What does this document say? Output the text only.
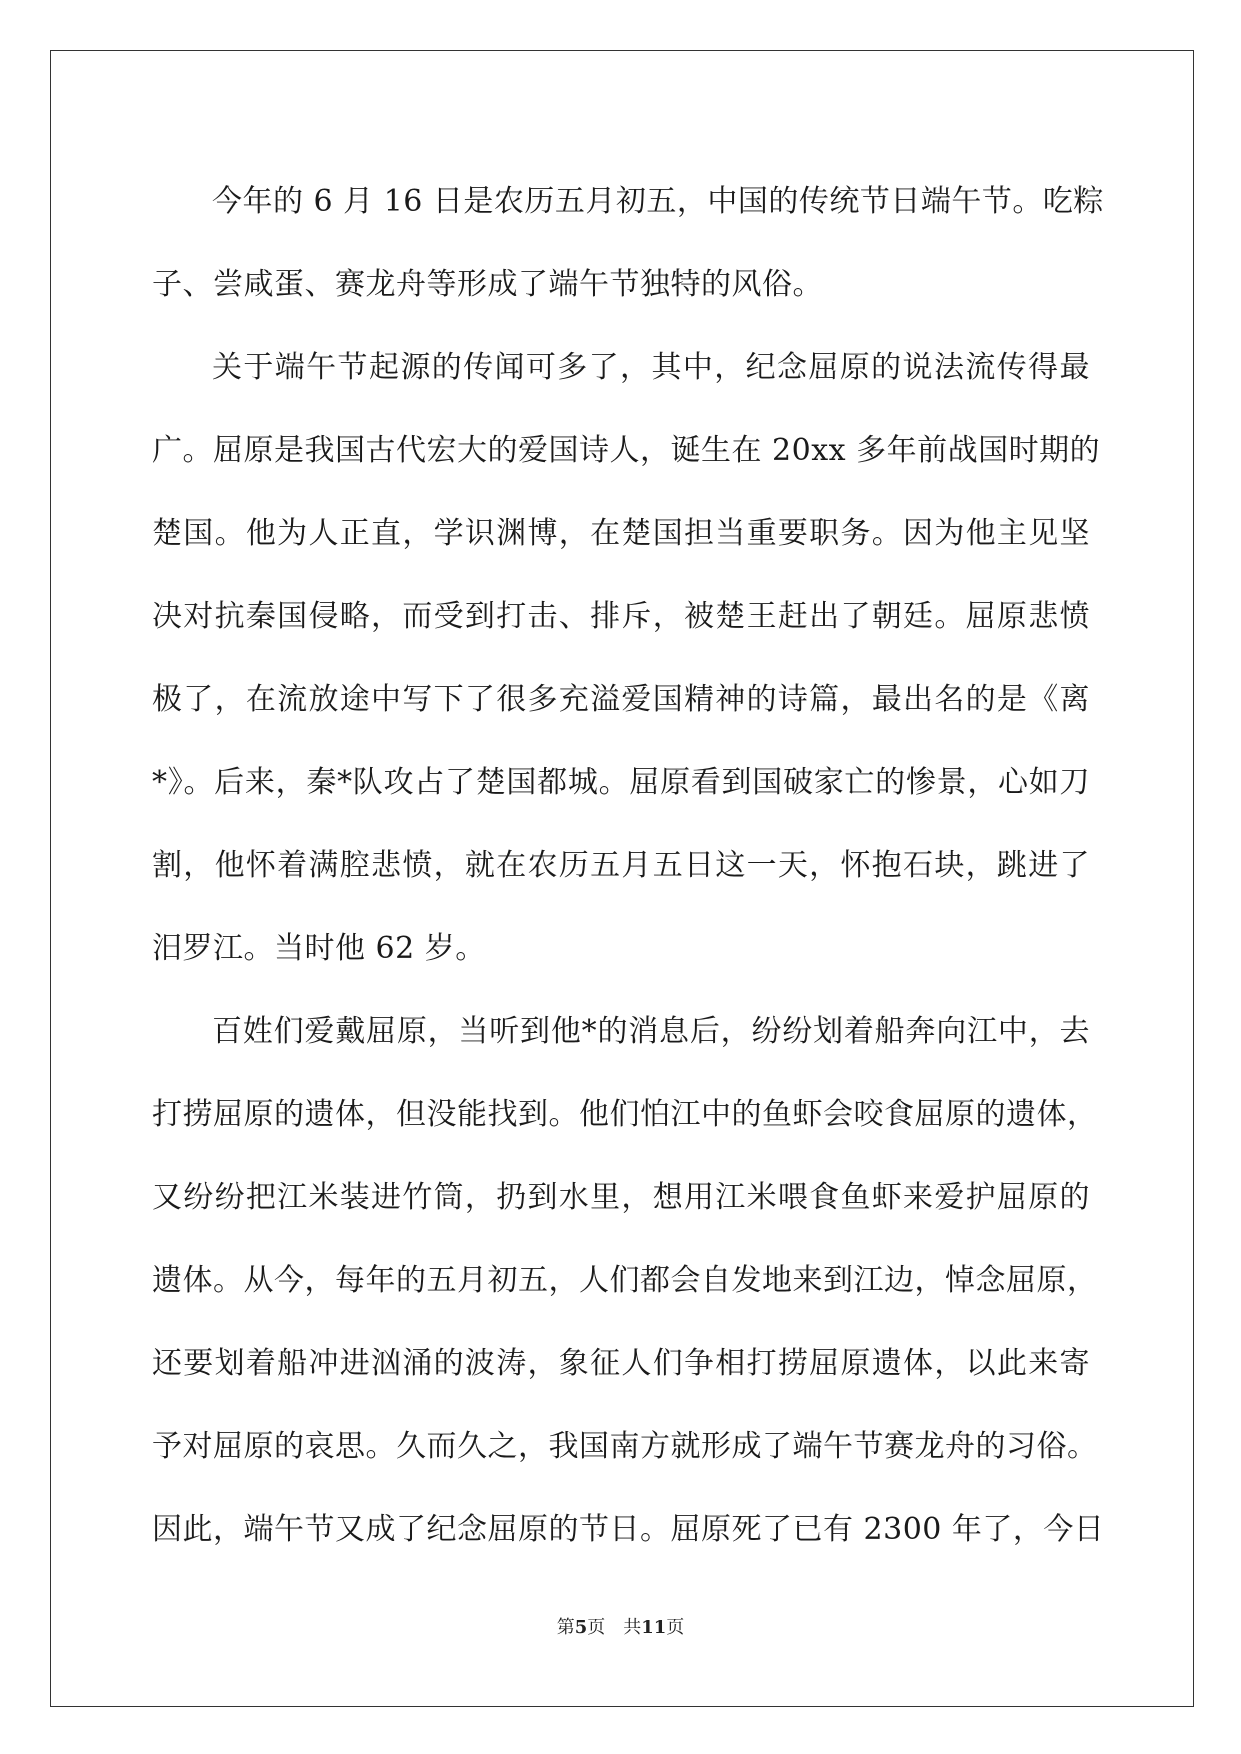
今年的 6 月 16 日是农历五月初五，中国的传统节日端午节。吃粽

子、尝咸蛋、赛龙舟等形成了端午节独特的风俗。

关于端午节起源的传闻可多了，其中，纪念屈原的说法流传得最

广。屈原是我国古代宏大的爱国诗人，诞生在 20xx 多年前战国时期的

楚国。他为人正直，学识渊博，在楚国担当重要职务。因为他主见坚

决对抗秦国侵略，而受到打击、排斥，被楚王赶出了朝廷。屈原悲愤

极了，在流放途中写下了很多充溢爱国精神的诗篇，最出名的是《离

*》。后来，秦*队攻占了楚国都城。屈原看到国破家亡的惨景，心如刀

割，他怀着满腔悲愤，就在农历五月五日这一天，怀抱石块，跳进了

汨罗江。当时他 62 岁。

百姓们爱戴屈原，当听到他*的消息后，纷纷划着船奔向江中，去

打捞屈原的遗体，但没能找到。他们怕江中的鱼虾会咬食屈原的遗体，

又纷纷把江米装进竹筒，扔到水里，想用江米喂食鱼虾来爱护屈原的

遗体。从今，每年的五月初五，人们都会自发地来到江边，悼念屈原，

还要划着船冲进汹涌的波涛，象征人们争相打捞屈原遗体，以此来寄

予对屈原的哀思。久而久之，我国南方就形成了端午节赛龙舟的习俗。

因此，端午节又成了纪念屈原的节日。屈原死了已有 2300 年了，今日

第5页 共11页
